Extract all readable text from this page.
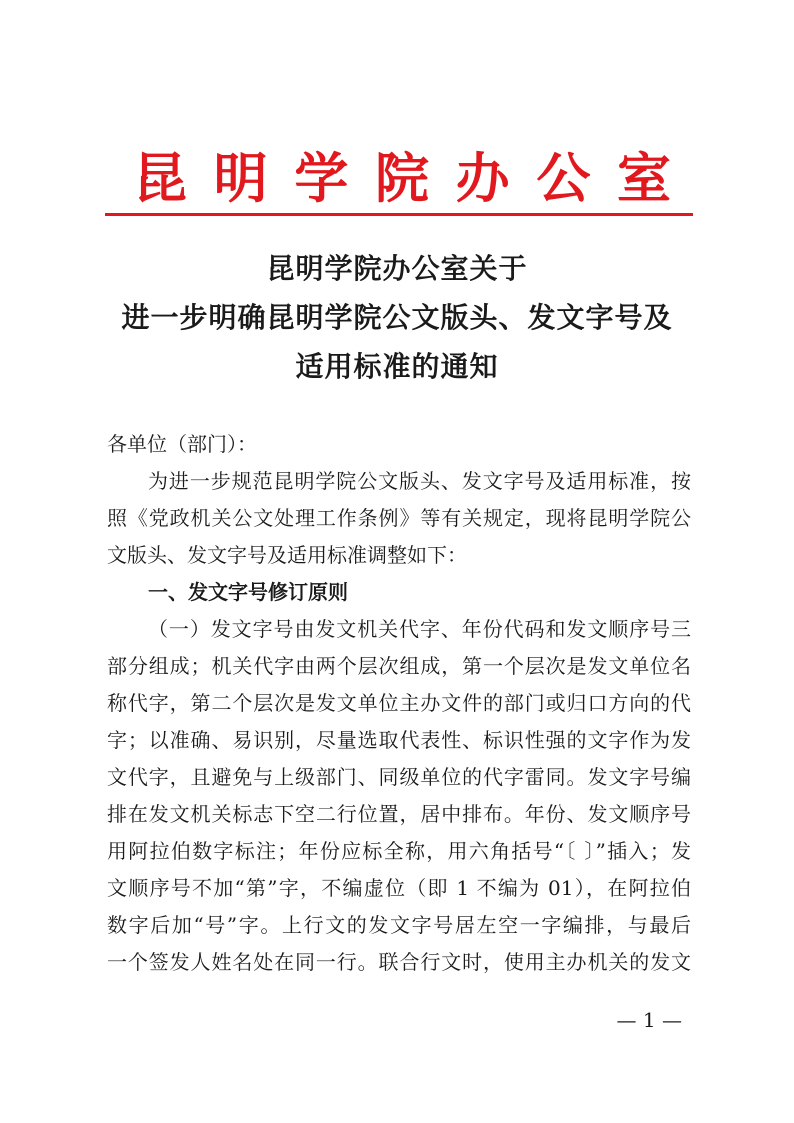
昆明学院办公室
昆明学院办公室关于
进一步明确昆明学院公文版头、发文字号及
适用标准的通知
各单位（部门）：
为进一步规范昆明学院公文版头、发文字号及适用标准，按
照《党政机关公文处理工作条例》等有关规定，现将昆明学院公
文版头、发文字号及适用标准调整如下：
一、发文字号修订原则
（一）发文字号由发文机关代字、年份代码和发文顺序号三
部分组成；机关代字由两个层次组成，第一个层次是发文单位名
称代字，第二个层次是发文单位主办文件的部门或归口方向的代
字；以准确、易识别，尽量选取代表性、标识性强的文字作为发
文代字，且避免与上级部门、同级单位的代字雷同。发文字号编
排在发文机关标志下空二行位置，居中排布。年份、发文顺序号
用阿拉伯数字标注；年份应标全称，用六角括号“〔 〕”插入；发
文顺序号不加“第”字，不编虚位（即 1 不编为 01），在阿拉伯
数字后加“号”字。上行文的发文字号居左空一字编排，与最后
一个签发人姓名处在同一行。联合行文时，使用主办机关的发文
— 1 —
